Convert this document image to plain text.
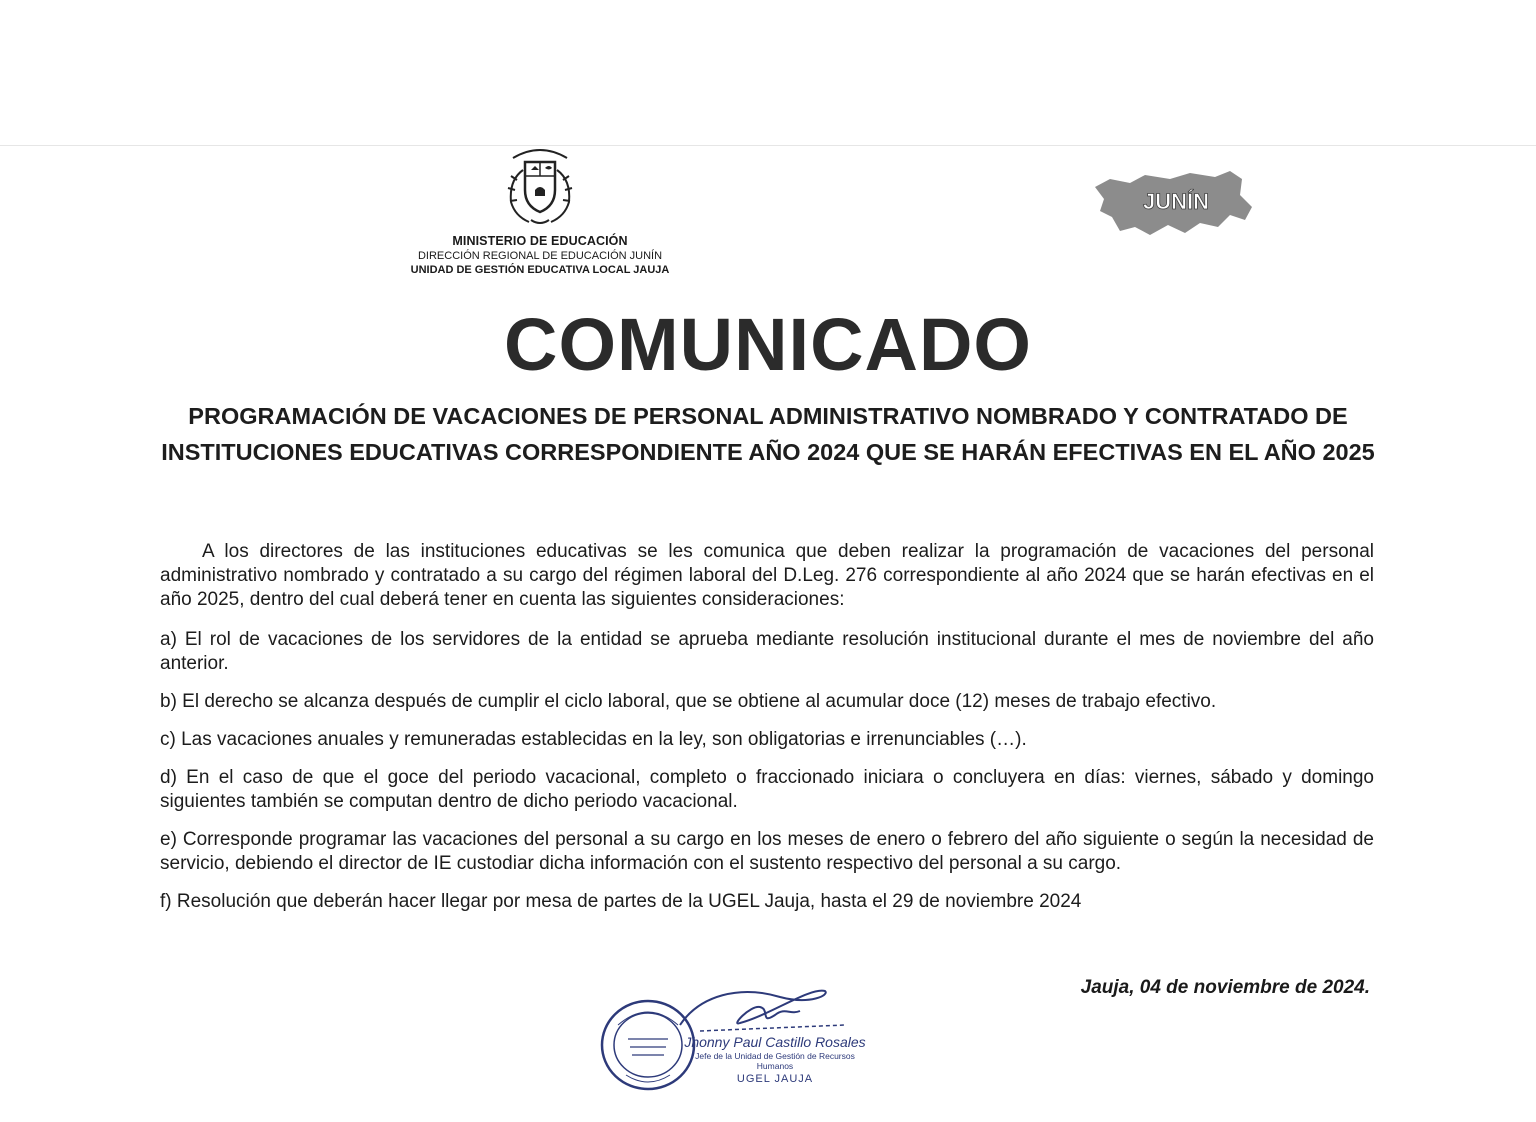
MINISTERIO DE EDUCACIÓN
DIRECCIÓN REGIONAL DE EDUCACIÓN JUNÍN
UNIDAD DE GESTIÓN EDUCATIVA LOCAL JAUJA
JUNÍN
COMUNICADO
PROGRAMACIÓN DE VACACIONES DE PERSONAL ADMINISTRATIVO NOMBRADO Y CONTRATADO DE INSTITUCIONES EDUCATIVAS CORRESPONDIENTE AÑO 2024 QUE SE HARÁN EFECTIVAS EN EL AÑO 2025

A los directores de las instituciones educativas se les comunica que deben realizar la programación de vacaciones del personal administrativo nombrado y contratado a su cargo del régimen laboral del D.Leg. 276 correspondiente al año 2024 que se harán efectivas en el año 2025, dentro del cual deberá tener en cuenta las siguientes consideraciones:

a) El rol de vacaciones de los servidores de la entidad se aprueba mediante resolución institucional durante el mes de noviembre del año anterior.

b) El derecho se alcanza después de cumplir el ciclo laboral, que se obtiene al acumular doce (12) meses de trabajo efectivo.

c) Las vacaciones anuales y remuneradas establecidas en la ley, son obligatorias e irrenunciables (…).

d) En el caso de que el goce del periodo vacacional, completo o fraccionado iniciara o concluyera en días: viernes, sábado y domingo siguientes también se computan dentro de dicho periodo vacacional.

e) Corresponde programar las vacaciones del personal a su cargo en los meses de enero o febrero del año siguiente o según la necesidad de servicio, debiendo el director de IE custodiar dicha información con el sustento respectivo del personal a su cargo.

f) Resolución que deberán hacer llegar por mesa de partes de la UGEL Jauja, hasta el 29 de noviembre 2024

Jauja, 04 de noviembre de 2024.
Jhonny Paul Castillo Rosales
Jefe de la Unidad de Gestión de Recursos Humanos
UGEL JAUJA
